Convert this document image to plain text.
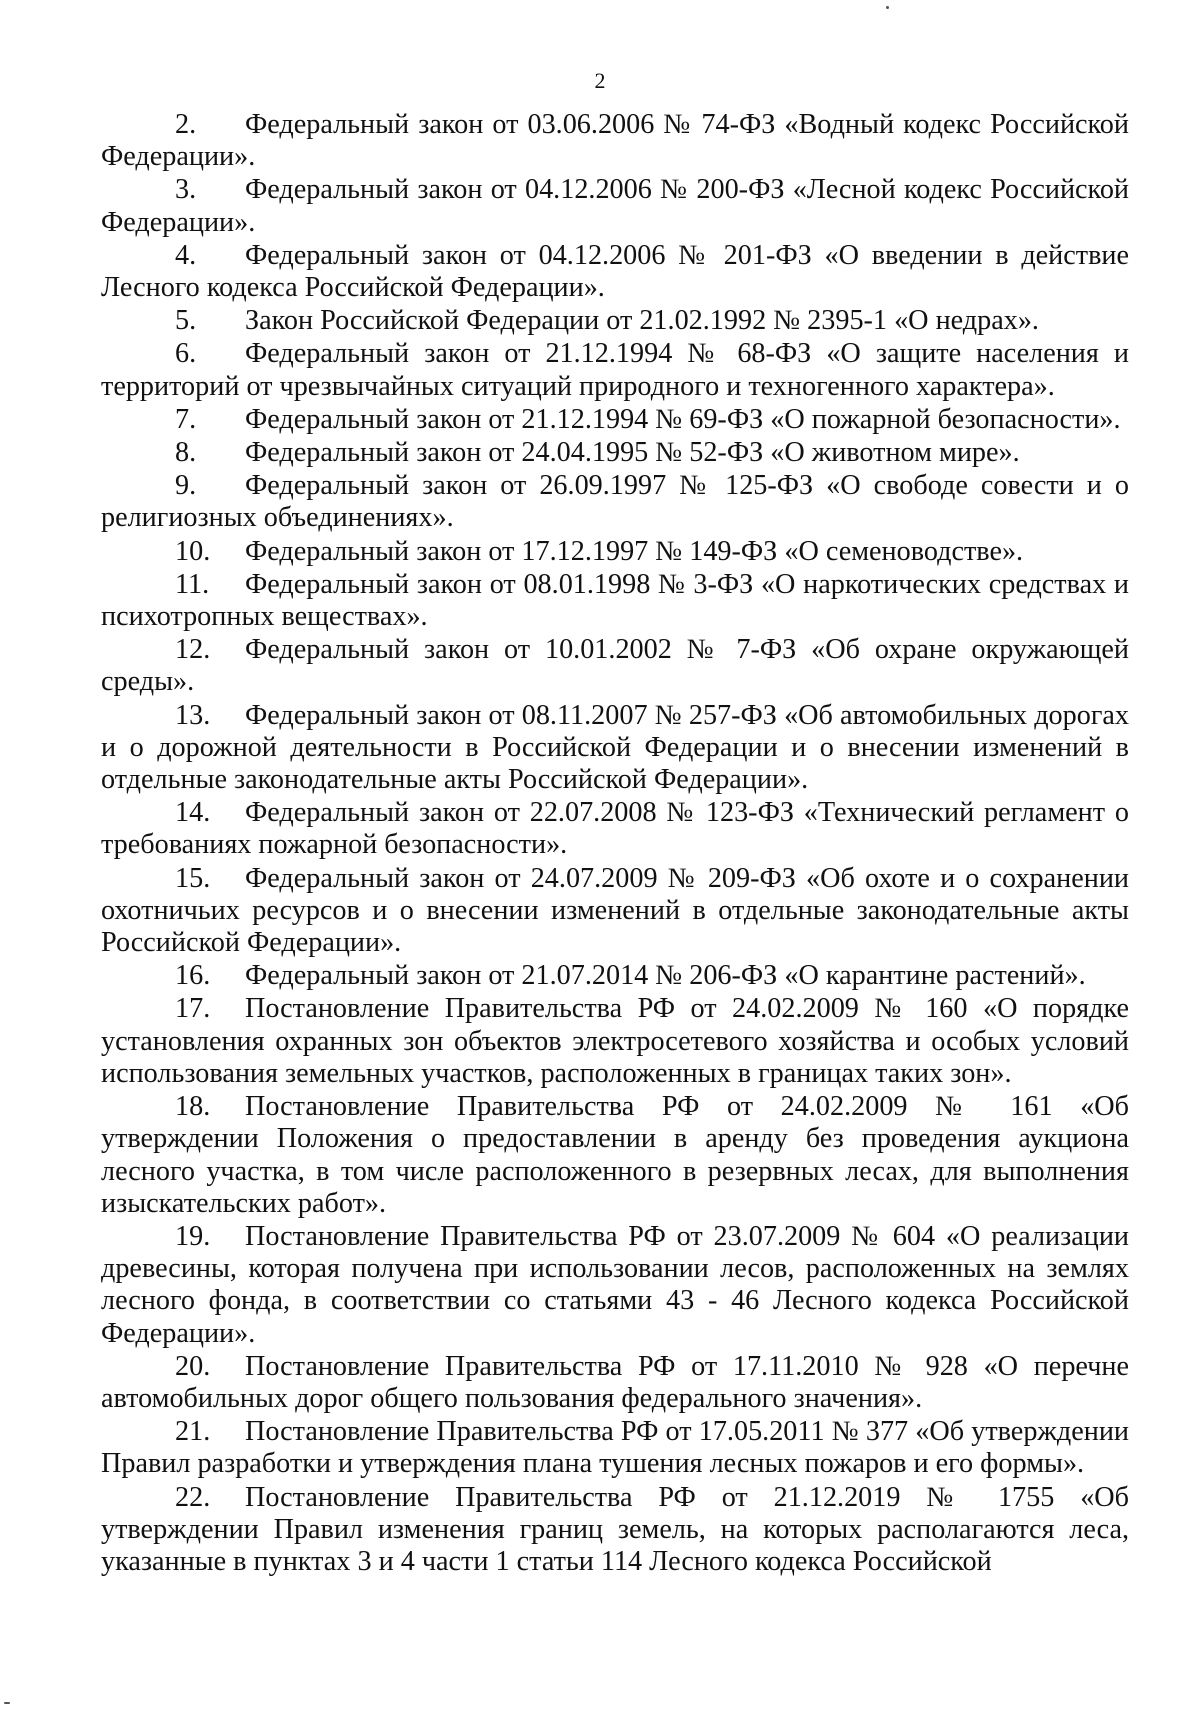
2

2. Федеральный закон от 03.06.2006 № 74-ФЗ «Водный кодекс Российской Федерации».

3. Федеральный закон от 04.12.2006 № 200-ФЗ «Лесной кодекс Российской Федерации».

4. Федеральный закон от 04.12.2006 № 201-ФЗ «О введении в действие Лесного кодекса Российской Федерации».

5. Закон Российской Федерации от 21.02.1992 № 2395-1 «О недрах».

6. Федеральный закон от 21.12.1994 № 68-ФЗ «О защите населения и территорий от чрезвычайных ситуаций природного и техногенного характера».

7. Федеральный закон от 21.12.1994 № 69-ФЗ «О пожарной безопасности».

8. Федеральный закон от 24.04.1995 № 52-ФЗ «О животном мире».

9. Федеральный закон от 26.09.1997 № 125-ФЗ «О свободе совести и о религиозных объединениях».

10. Федеральный закон от 17.12.1997 № 149-ФЗ «О семеноводстве».

11. Федеральный закон от 08.01.1998 № 3-ФЗ «О наркотических средствах и психотропных веществах».

12. Федеральный закон от 10.01.2002 № 7-ФЗ «Об охране окружающей среды».

13. Федеральный закон от 08.11.2007 № 257-ФЗ «Об автомобильных дорогах и о дорожной деятельности в Российской Федерации и о внесении изменений в отдельные законодательные акты Российской Федерации».

14. Федеральный закон от 22.07.2008 № 123-ФЗ «Технический регламент о требованиях пожарной безопасности».

15. Федеральный закон от 24.07.2009 № 209-ФЗ «Об охоте и о сохранении охотничьих ресурсов и о внесении изменений в отдельные законодательные акты Российской Федерации».

16. Федеральный закон от 21.07.2014 № 206-ФЗ «О карантине растений».

17. Постановление Правительства РФ от 24.02.2009 № 160 «О порядке установления охранных зон объектов электросетевого хозяйства и особых условий использования земельных участков, расположенных в границах таких зон».

18. Постановление Правительства РФ от 24.02.2009 № 161 «Об утверждении Положения о предоставлении в аренду без проведения аукциона лесного участка, в том числе расположенного в резервных лесах, для выполнения изыскательских работ».

19. Постановление Правительства РФ от 23.07.2009 № 604 «О реализации древесины, которая получена при использовании лесов, расположенных на землях лесного фонда, в соответствии со статьями 43 - 46 Лесного кодекса Российской Федерации».

20. Постановление Правительства РФ от 17.11.2010 № 928 «О перечне автомобильных дорог общего пользования федерального значения».

21. Постановление Правительства РФ от 17.05.2011 № 377 «Об утверждении Правил разработки и утверждения плана тушения лесных пожаров и его формы».

22. Постановление Правительства РФ от 21.12.2019 № 1755 «Об утверждении Правил изменения границ земель, на которых располагаются леса, указанные в пунктах 3 и 4 части 1 статьи 114 Лесного кодекса Российской
